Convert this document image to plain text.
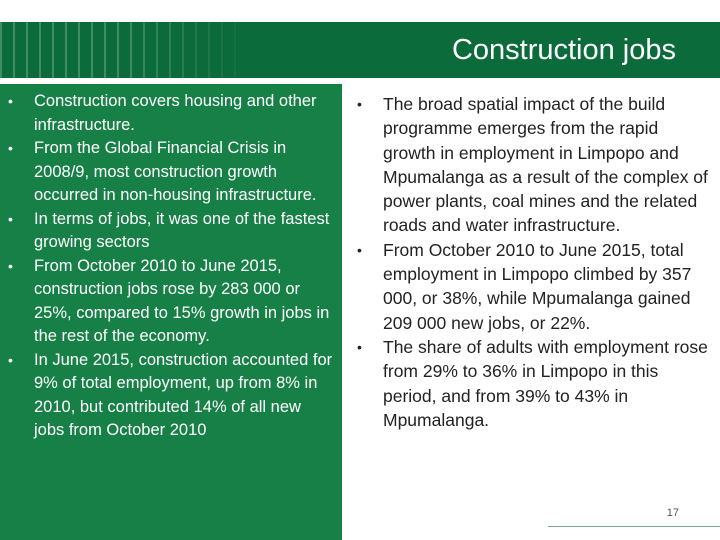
Construction jobs
• Construction covers housing and other infrastructure.
• From the Global Financial Crisis in 2008/9, most construction growth occurred in non-housing infrastructure.
• In terms of jobs, it was one of the fastest growing sectors
• From October 2010 to June 2015, construction jobs rose by 283 000 or 25%, compared to 15% growth in jobs in the rest of the economy.
• In June 2015, construction accounted for 9% of total employment, up from 8% in 2010, but contributed 14% of all new jobs from October 2010
• The broad spatial impact of the build programme emerges from the rapid growth in employment in Limpopo and Mpumalanga as a result of the complex of power plants, coal mines and the related roads and water infrastructure.
• From October 2010 to June 2015, total employment in Limpopo climbed by 357 000, or 38%, while Mpumalanga gained 209 000 new jobs, or 22%.
• The share of adults with employment rose from 29% to 36% in Limpopo in this period, and from 39% to 43% in Mpumalanga.
17
